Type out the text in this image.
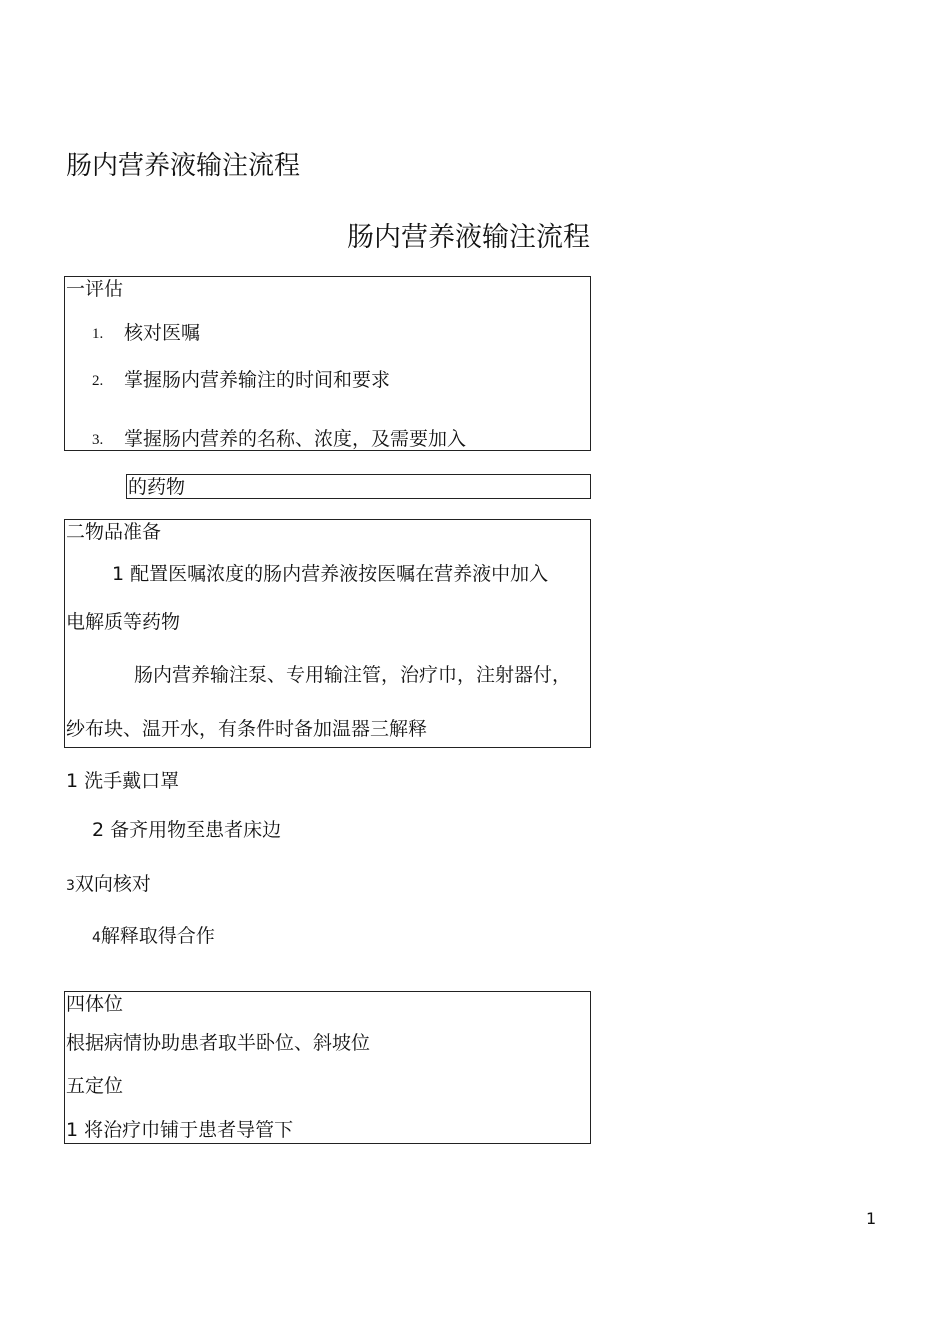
肠内营养液输注流程
肠内营养液输注流程
一评估
1. 核对医嘱
2. 掌握肠内营养输注的时间和要求
3. 掌握肠内营养的名称、浓度，及需要加入
的药物
二物品准备
1 配置医嘱浓度的肠内营养液按医嘱在营养液中加入
电解质等药物
肠内营养输注泵、专用输注管，治疗巾，注射器付，
纱布块、温开水，有条件时备加温器三解释
1 洗手戴口罩
2 备齐用物至患者床边
3双向核对
4解释取得合作
四体位
根据病情协助患者取半卧位、斜坡位
五定位
1 将治疗巾铺于患者导管下
1
